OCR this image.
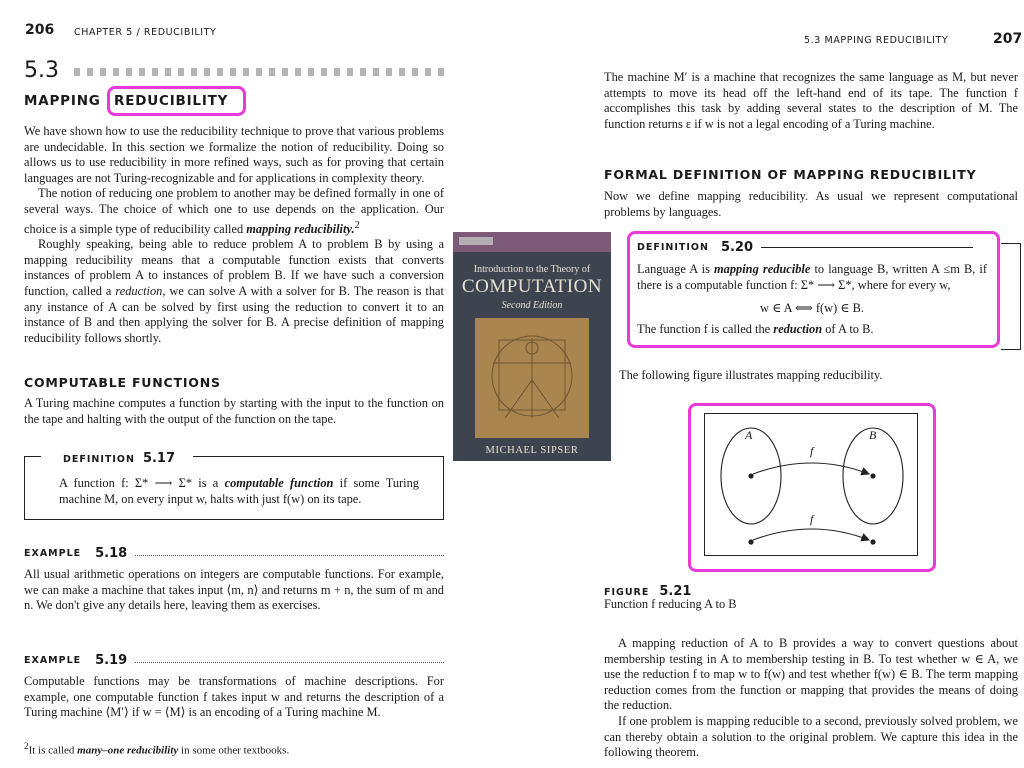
206 CHAPTER 5 / REDUCIBILITY
5.3
MAPPING REDUCIBILITY

We have shown how to use the reducibility technique to prove that various problems are undecidable. In this section we formalize the notion of reducibility. Doing so allows us to use reducibility in more refined ways, such as for proving that certain languages are not Turing-recognizable and for applications in complexity theory.

The notion of reducing one problem to another may be defined formally in one of several ways. The choice of which one to use depends on the application. Our choice is a simple type of reducibility called mapping reducibility.$^2$

Roughly speaking, being able to reduce problem A to problem B by using a mapping reducibility means that a computable function exists that converts instances of problem A to instances of problem B. If we have such a conversion function, called a reduction, we can solve A with a solver for B. The reason is that any instance of A can be solved by first using the reduction to convert it to an instance of B and then applying the solver for B. A precise definition of mapping reducibility follows shortly.

COMPUTABLE FUNCTIONS
A Turing machine computes a function by starting with the input to the function on the tape and halting with the output of the function on the tape.
DEFINITION 5.17
A function f: Σ* ⟶ Σ* is a computable function if some Turing machine M, on every input w, halts with just f(w) on its tape.
EXAMPLE 5.18
All usual arithmetic operations on integers are computable functions. For example, we can make a machine that takes input ⟨m, n⟩ and returns m + n, the sum of m and n. We don't give any details here, leaving them as exercises.
EXAMPLE 5.19
Computable functions may be transformations of machine descriptions. For example, one computable function f takes input w and returns the description of a Turing machine ⟨M′⟩ if w = ⟨M⟩ is an encoding of a Turing machine M.
$^2$It is called many–one reducibility in some other textbooks.
Introduction to the Theory of
COMPUTATION
Second Edition
MICHAEL SIPSER
5.3 MAPPING REDUCIBILITY	207
The machine M′ is a machine that recognizes the same language as M, but never attempts to move its head off the left-hand end of its tape. The function f accomplishes this task by adding several states to the description of M. The function returns ε if w is not a legal encoding of a Turing machine.
FORMAL DEFINITION OF MAPPING REDUCIBILITY
Now we define mapping reducibility. As usual we represent computational problems by languages.
DEFINITION 5.20
Language A is mapping reducible to language B, written A ≤m B, if there is a computable function f: Σ* ⟶ Σ*, where for every w,
w ∈ A ⟺ f(w) ∈ B.
The function f is called the reduction of A to B.
The following figure illustrates mapping reducibility.
A	B
f
f
FIGURE 5.21
Function f reducing A to B

A mapping reduction of A to B provides a way to convert questions about membership testing in A to membership testing in B. To test whether w ∈ A, we use the reduction f to map w to f(w) and test whether f(w) ∈ B. The term mapping reduction comes from the function or mapping that provides the means of doing the reduction.

If one problem is mapping reducible to a second, previously solved problem, we can thereby obtain a solution to the original problem. We capture this idea in the following theorem.
